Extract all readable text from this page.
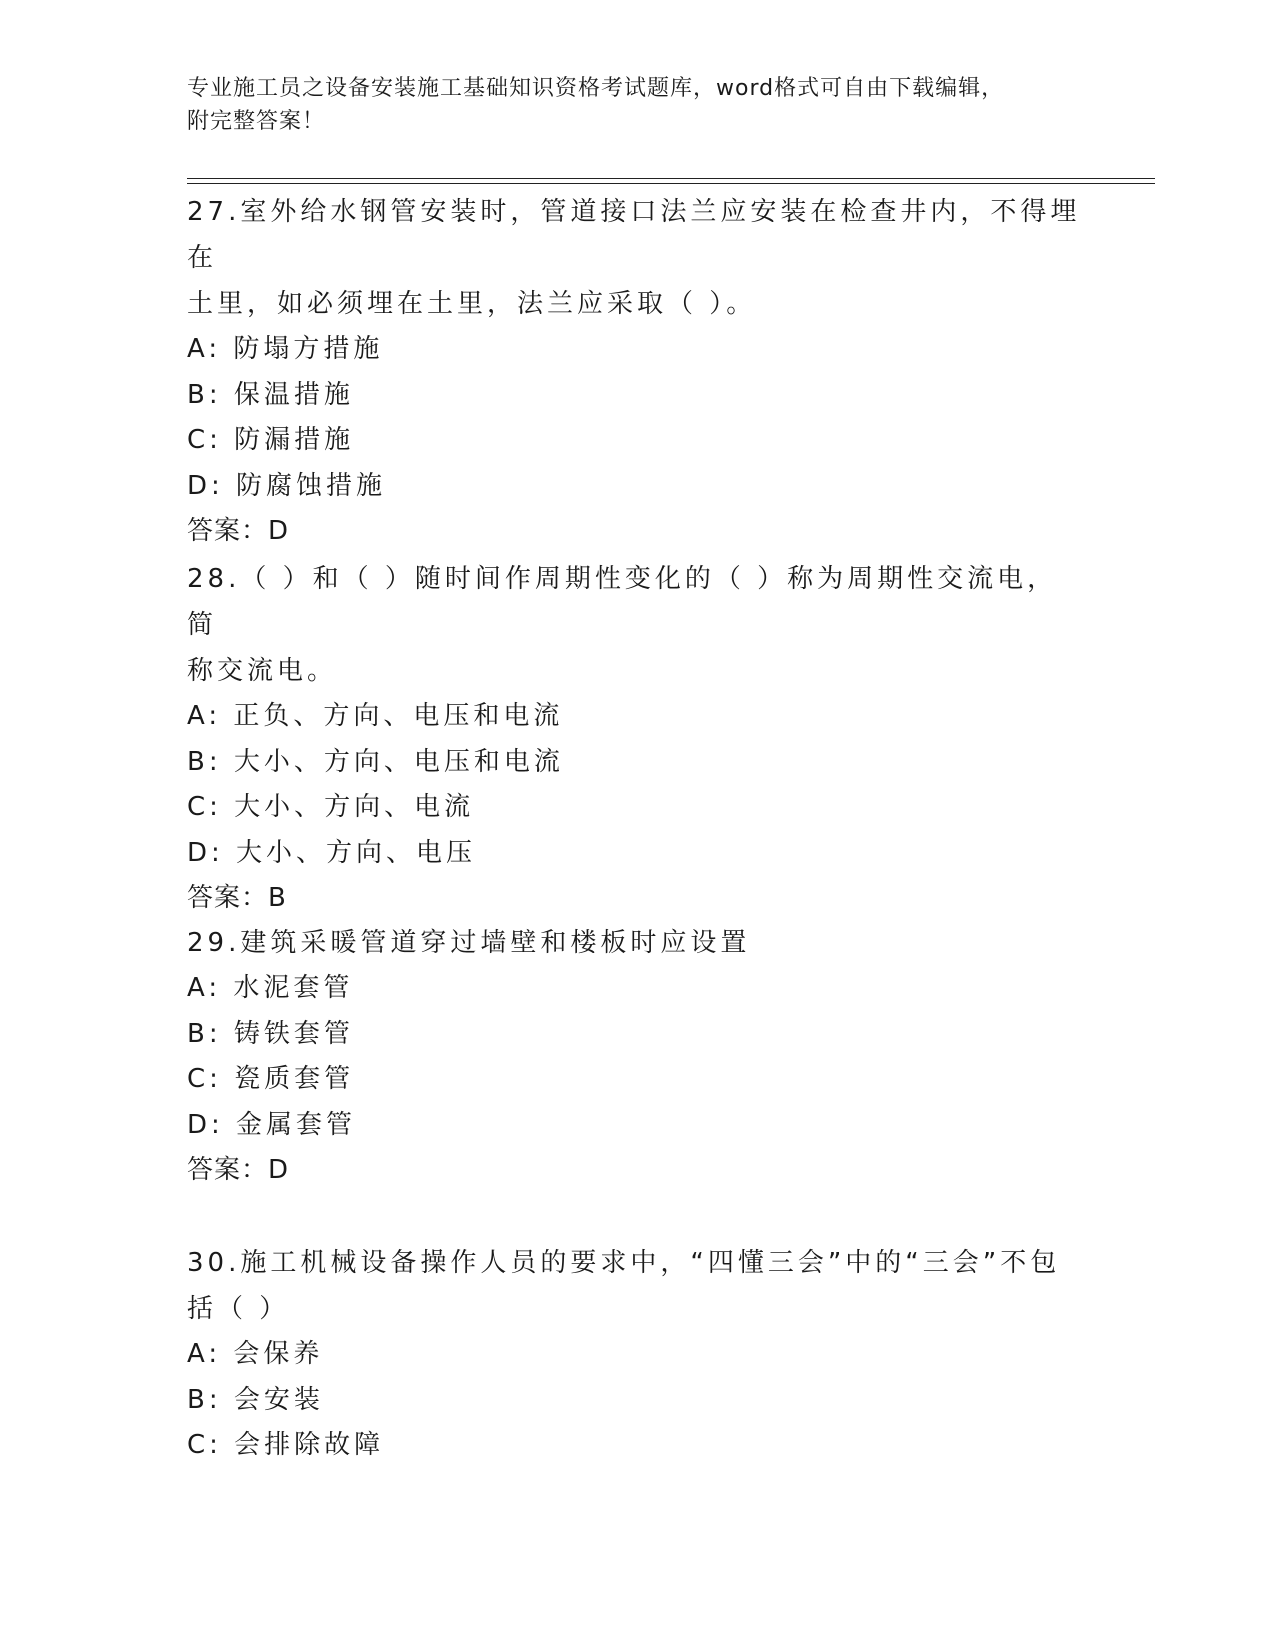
专业施工员之设备安装施工基础知识资格考试题库，word格式可自由下载编辑，
附完整答案！

27.室外给水钢管安装时，管道接口法兰应安装在检查井内，不得埋在

土里，如必须埋在土里，法兰应采取（ ）。

A: 防塌方措施

B: 保温措施

C: 防漏措施

D: 防腐蚀措施

答案：D

28.（ ）和（ ）随时间作周期性变化的（ ）称为周期性交流电，简

称交流电。

A: 正负、方向、电压和电流

B: 大小、方向、电压和电流

C: 大小、方向、电流

D: 大小、方向、电压

答案：B

29.建筑采暖管道穿过墙壁和楼板时应设置

A: 水泥套管

B: 铸铁套管

C: 瓷质套管

D: 金属套管

答案：D

30.施工机械设备操作人员的要求中，“四懂三会”中的“三会”不包

括（ ）

A: 会保养

B: 会安装

C: 会排除故障
